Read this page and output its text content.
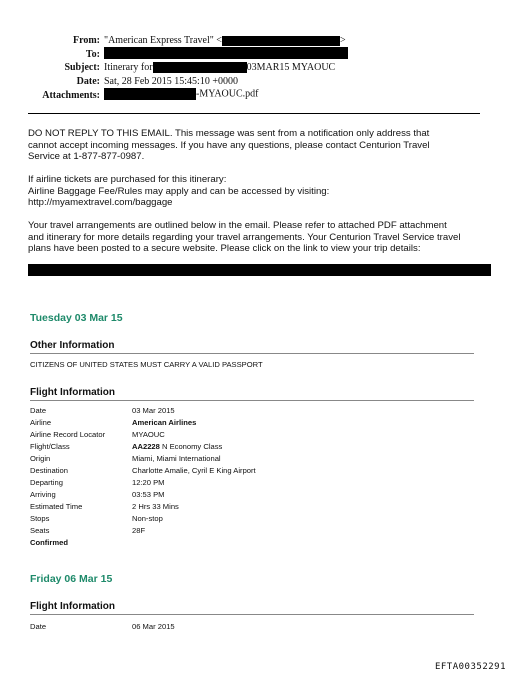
From: "American Express Travel" <	>
To:
Subject: Itinerary for	03MAR15 MYAOUC
Date: Sat, 28 Feb 2015 15:45:10 +0000
Attachments:	-MYAOUC.pdf
DO NOT REPLY TO THIS EMAIL. This message was sent from a notification only address that
cannot accept incoming messages. If you have any questions, please contact Centurion Travel
Service at 1-877-877-0987.
If airline tickets are purchased for this itinerary:
Airline Baggage Fee/Rules may apply and can be accessed by visiting:
http://myamextravel.com/baggage
Your travel arrangements are outlined below in the email. Please refer to attached PDF attachment
and itinerary for more details regarding your travel arrangements. Your Centurion Travel Service travel
plans have been posted to a secure website. Please click on the link to view your trip details:
Tuesday 03 Mar 15
Other Information
CITIZENS OF UNITED STATES MUST CARRY A VALID PASSPORT
Flight Information
Date	03 Mar 2015
Airline	American Airlines
Airline Record Locator	MYAOUC
Flight/Class	AA2228 N Economy Class
Origin	Miami, Miami International
Destination	Charlotte Amalie, Cyril E King Airport
Departing	12:20 PM
Arriving	03:53 PM
Estimated Time	2 Hrs 33 Mins
Stops	Non-stop
Seats	28F
Confirmed
Friday 06 Mar 15
Flight Information
Date	06 Mar 2015
EFTA00352291
